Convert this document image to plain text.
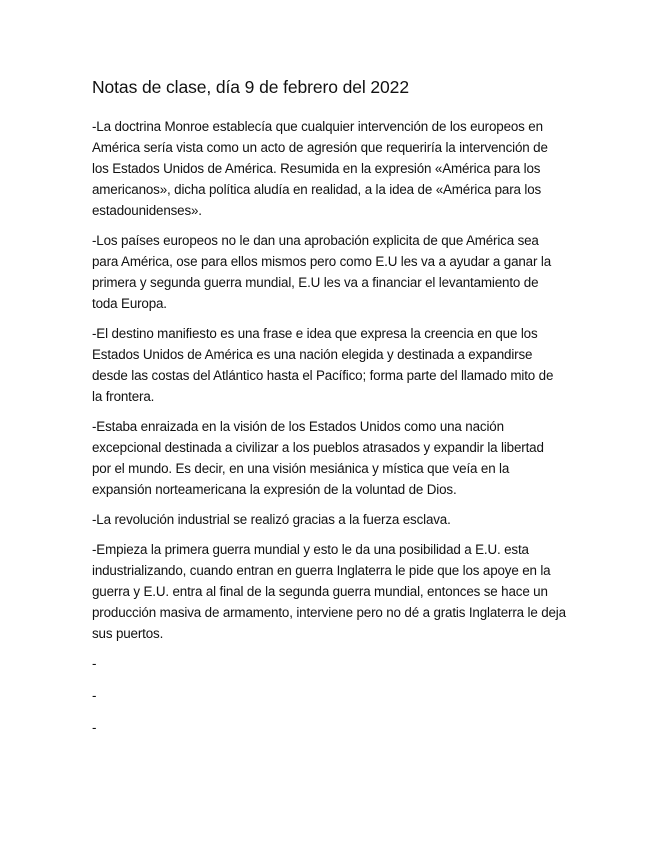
Notas de clase, día 9 de febrero del 2022

-La doctrina Monroe establecía que cualquier intervención de los europeos en América sería vista como un acto de agresión que requeriría la intervención de los Estados Unidos de América. Resumida en la expresión «América para los americanos», dicha política aludía en realidad, a la idea de «América para los estadounidenses».

-Los países europeos no le dan una aprobación explicita de que América sea para América, ose para ellos mismos pero como E.U les va a ayudar a ganar la primera y segunda guerra mundial, E.U les va a financiar el levantamiento de toda Europa.

-El destino manifiesto es una frase e idea que expresa la creencia en que los Estados Unidos de América es una nación elegida y destinada a expandirse desde las costas del Atlántico hasta el Pacífico; forma parte del llamado mito de la frontera.

-Estaba enraizada en la visión de los Estados Unidos como una nación excepcional destinada a civilizar a los pueblos atrasados y expandir la libertad por el mundo. Es decir, en una visión mesiánica y mística que veía en la expansión norteamericana la expresión de la voluntad de Dios.

-La revolución industrial se realizó gracias a la fuerza esclava.

-Empieza la primera guerra mundial y esto le da una posibilidad a E.U. esta industrializando, cuando entran en guerra Inglaterra le pide que los apoye en la guerra y E.U. entra al final de la segunda guerra mundial, entonces se hace un producción masiva de armamento, interviene pero no dé a gratis Inglaterra le deja sus puertos.

-

-

-
